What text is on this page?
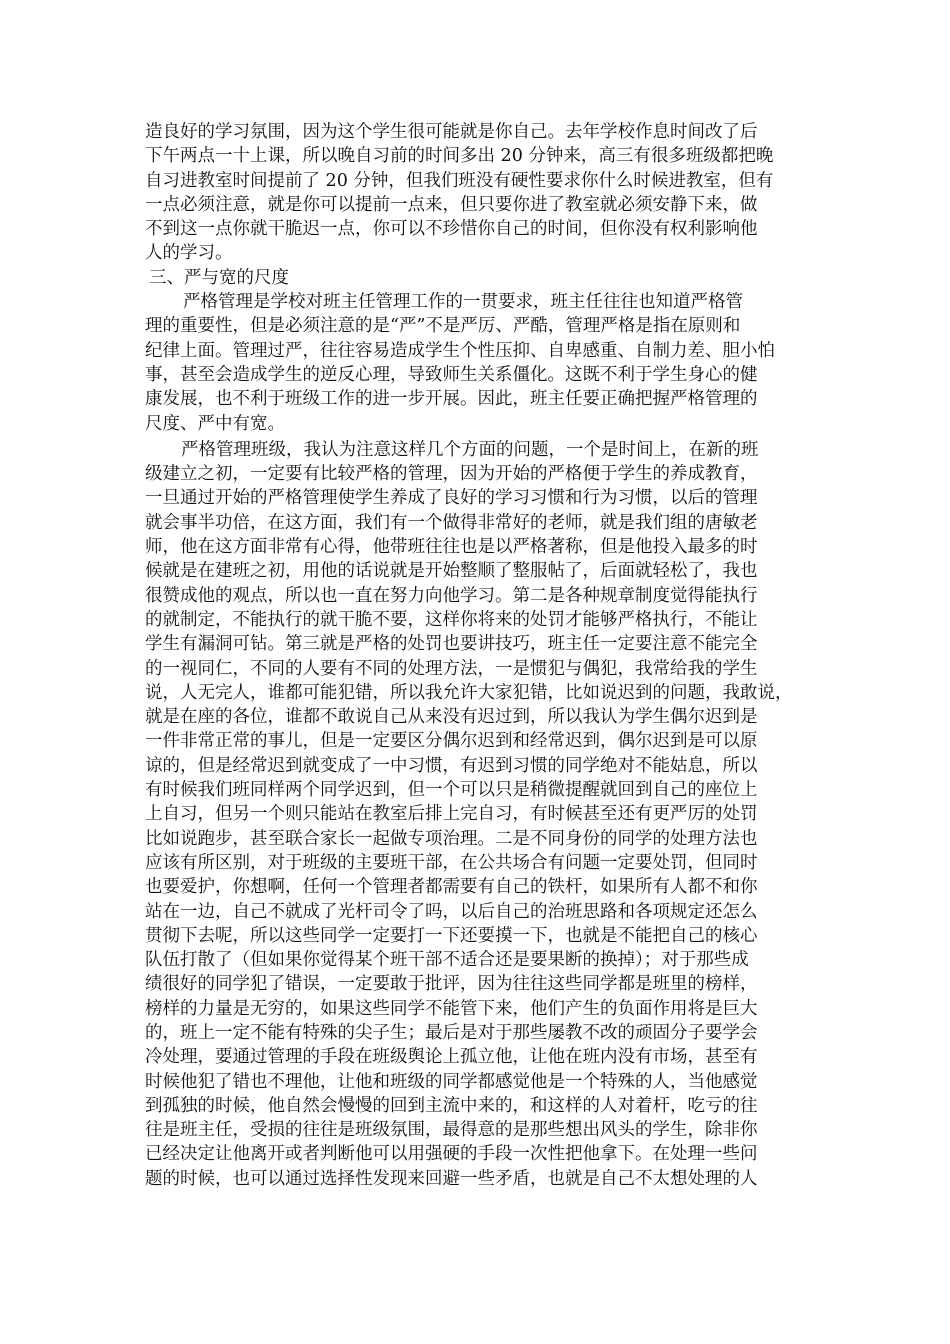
造良好的学习氛围，因为这个学生很可能就是你自己。去年学校作息时间改了后
下午两点一十上课，所以晚自习前的时间多出 20 分钟来，高三有很多班级都把晚
自习进教室时间提前了 20 分钟，但我们班没有硬性要求你什么时候进教室，但有
一点必须注意，就是你可以提前一点来，但只要你进了教室就必须安静下来，做
不到这一点你就干脆迟一点，你可以不珍惜你自己的时间，但你没有权利影响他
人的学习。
三、严与宽的尺度
严格管理是学校对班主任管理工作的一贯要求，班主任往往也知道严格管
理的重要性，但是必须注意的是“严”不是严厉、严酷，管理严格是指在原则和
纪律上面。管理过严，往往容易造成学生个性压抑、自卑感重、自制力差、胆小怕
事，甚至会造成学生的逆反心理，导致师生关系僵化。这既不利于学生身心的健
康发展，也不利于班级工作的进一步开展。因此，班主任要正确把握严格管理的
尺度、严中有宽。
严格管理班级，我认为注意这样几个方面的问题，一个是时间上，在新的班
级建立之初，一定要有比较严格的管理，因为开始的严格便于学生的养成教育，
一旦通过开始的严格管理使学生养成了良好的学习习惯和行为习惯，以后的管理
就会事半功倍，在这方面，我们有一个做得非常好的老师，就是我们组的唐敏老
师，他在这方面非常有心得，他带班往往也是以严格著称，但是他投入最多的时
候就是在建班之初，用他的话说就是开始整顺了整服帖了，后面就轻松了，我也
很赞成他的观点，所以也一直在努力向他学习。第二是各种规章制度觉得能执行
的就制定，不能执行的就干脆不要，这样你将来的处罚才能够严格执行，不能让
学生有漏洞可钻。第三就是严格的处罚也要讲技巧，班主任一定要注意不能完全
的一视同仁，不同的人要有不同的处理方法，一是惯犯与偶犯，我常给我的学生
说，人无完人，谁都可能犯错，所以我允许大家犯错，比如说迟到的问题，我敢说，
就是在座的各位，谁都不敢说自己从来没有迟过到，所以我认为学生偶尔迟到是
一件非常正常的事儿，但是一定要区分偶尔迟到和经常迟到，偶尔迟到是可以原
谅的，但是经常迟到就变成了一中习惯，有迟到习惯的同学绝对不能姑息，所以
有时候我们班同样两个同学迟到，但一个可以只是稍微提醒就回到自己的座位上
上自习，但另一个则只能站在教室后排上完自习，有时候甚至还有更严厉的处罚
比如说跑步，甚至联合家长一起做专项治理。二是不同身份的同学的处理方法也
应该有所区别，对于班级的主要班干部，在公共场合有问题一定要处罚，但同时
也要爱护，你想啊，任何一个管理者都需要有自己的铁杆，如果所有人都不和你
站在一边，自己不就成了光杆司令了吗，以后自己的治班思路和各项规定还怎么
贯彻下去呢，所以这些同学一定要打一下还要摸一下，也就是不能把自己的核心
队伍打散了（但如果你觉得某个班干部不适合还是要果断的换掉）；对于那些成
绩很好的同学犯了错误，一定要敢于批评，因为往往这些同学都是班里的榜样，
榜样的力量是无穷的，如果这些同学不能管下来，他们产生的负面作用将是巨大
的，班上一定不能有特殊的尖子生；最后是对于那些屡教不改的顽固分子要学会
冷处理，要通过管理的手段在班级舆论上孤立他，让他在班内没有市场，甚至有
时候他犯了错也不理他，让他和班级的同学都感觉他是一个特殊的人，当他感觉
到孤独的时候，他自然会慢慢的回到主流中来的，和这样的人对着杆，吃亏的往
往是班主任，受损的往往是班级氛围，最得意的是那些想出风头的学生，除非你
已经决定让他离开或者判断他可以用强硬的手段一次性把他拿下。在处理一些问
题的时候，也可以通过选择性发现来回避一些矛盾，也就是自己不太想处理的人
